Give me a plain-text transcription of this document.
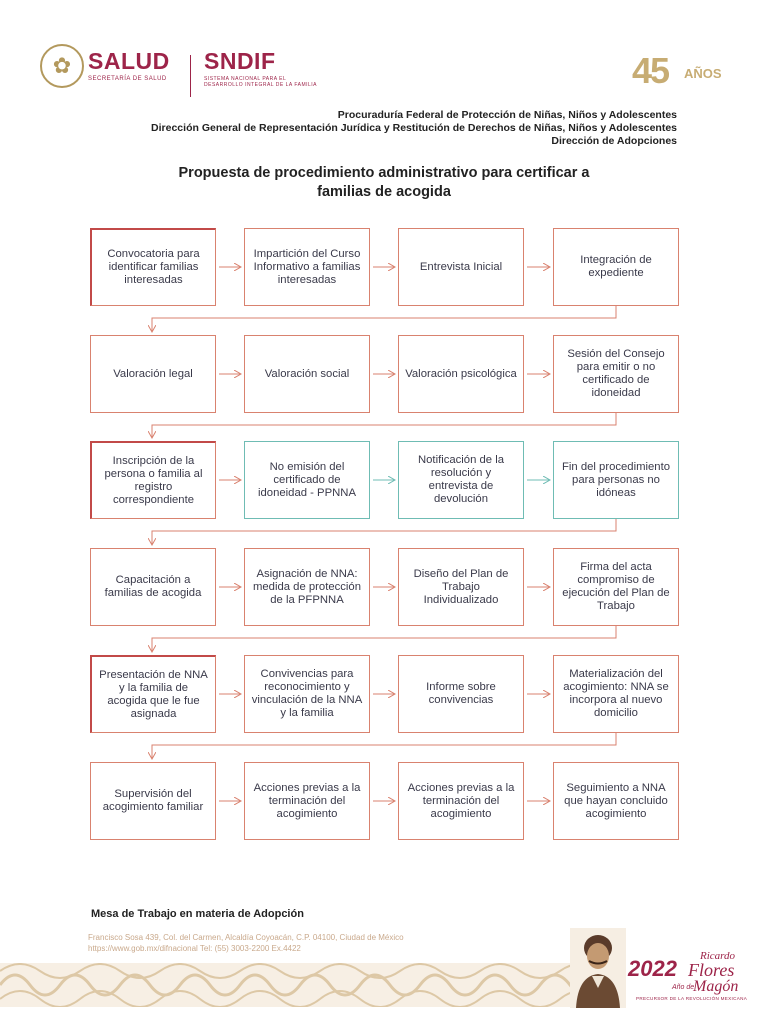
✿ SALUD
SECRETARÍA DE SALUD
SNDIF
SISTEMA NACIONAL PARA EL DESARROLLO INTEGRAL DE LA FAMILIA	45 AÑOS
Procuraduría Federal de Protección de Niñas, Niños y Adolescentes
Dirección General de Representación Jurídica y Restitución de Derechos de Niñas, Niños y Adolescentes
Dirección de Adopciones
Propuesta de procedimiento administrativo para certificar a
familias de acogida
Convocatoria para identificar familias interesadas
Impartición del Curso Informativo a familias interesadas
Entrevista Inicial
Integración de expediente
Valoración legal	Valoración social	Valoración psicológica
Sesión del Consejo para emitir o no certificado de idoneidad
Inscripción de la persona o familia al registro correspondiente
No emisión del certificado de idoneidad - PPNNA
Notificación de la resolución y entrevista de devolución
Fin del procedimiento para personas no idóneas
Capacitación a familias de acogida
Asignación de NNA: medida de protección de la PFPNNA
Diseño del Plan de Trabajo Individualizado
Firma del acta compromiso de ejecución del Plan de Trabajo
Presentación de NNA y la familia de acogida que le fue asignada
Convivencias para reconocimiento y vinculación de la NNA y la familia
Informe sobre convivencias
Materialización del acogimiento: NNA se incorpora al nuevo domicilio
Supervisión del acogimiento familiar
Acciones previas a la terminación del acogimiento
Acciones previas a la terminación del acogimiento
Seguimiento a NNA que hayan concluido acogimiento
Mesa de Trabajo en materia de Adopción
Francisco Sosa 439, Col. del Carmen, Alcaldía Coyoacán, C.P. 04100, Ciudad de México
https://www.gob.mx/difnacional Tel: (55) 3003-2200 Ex.4422
2022 Ricardo
Flores
Magón
Año de
PRECURSOR DE LA REVOLUCIÓN MEXICANA
